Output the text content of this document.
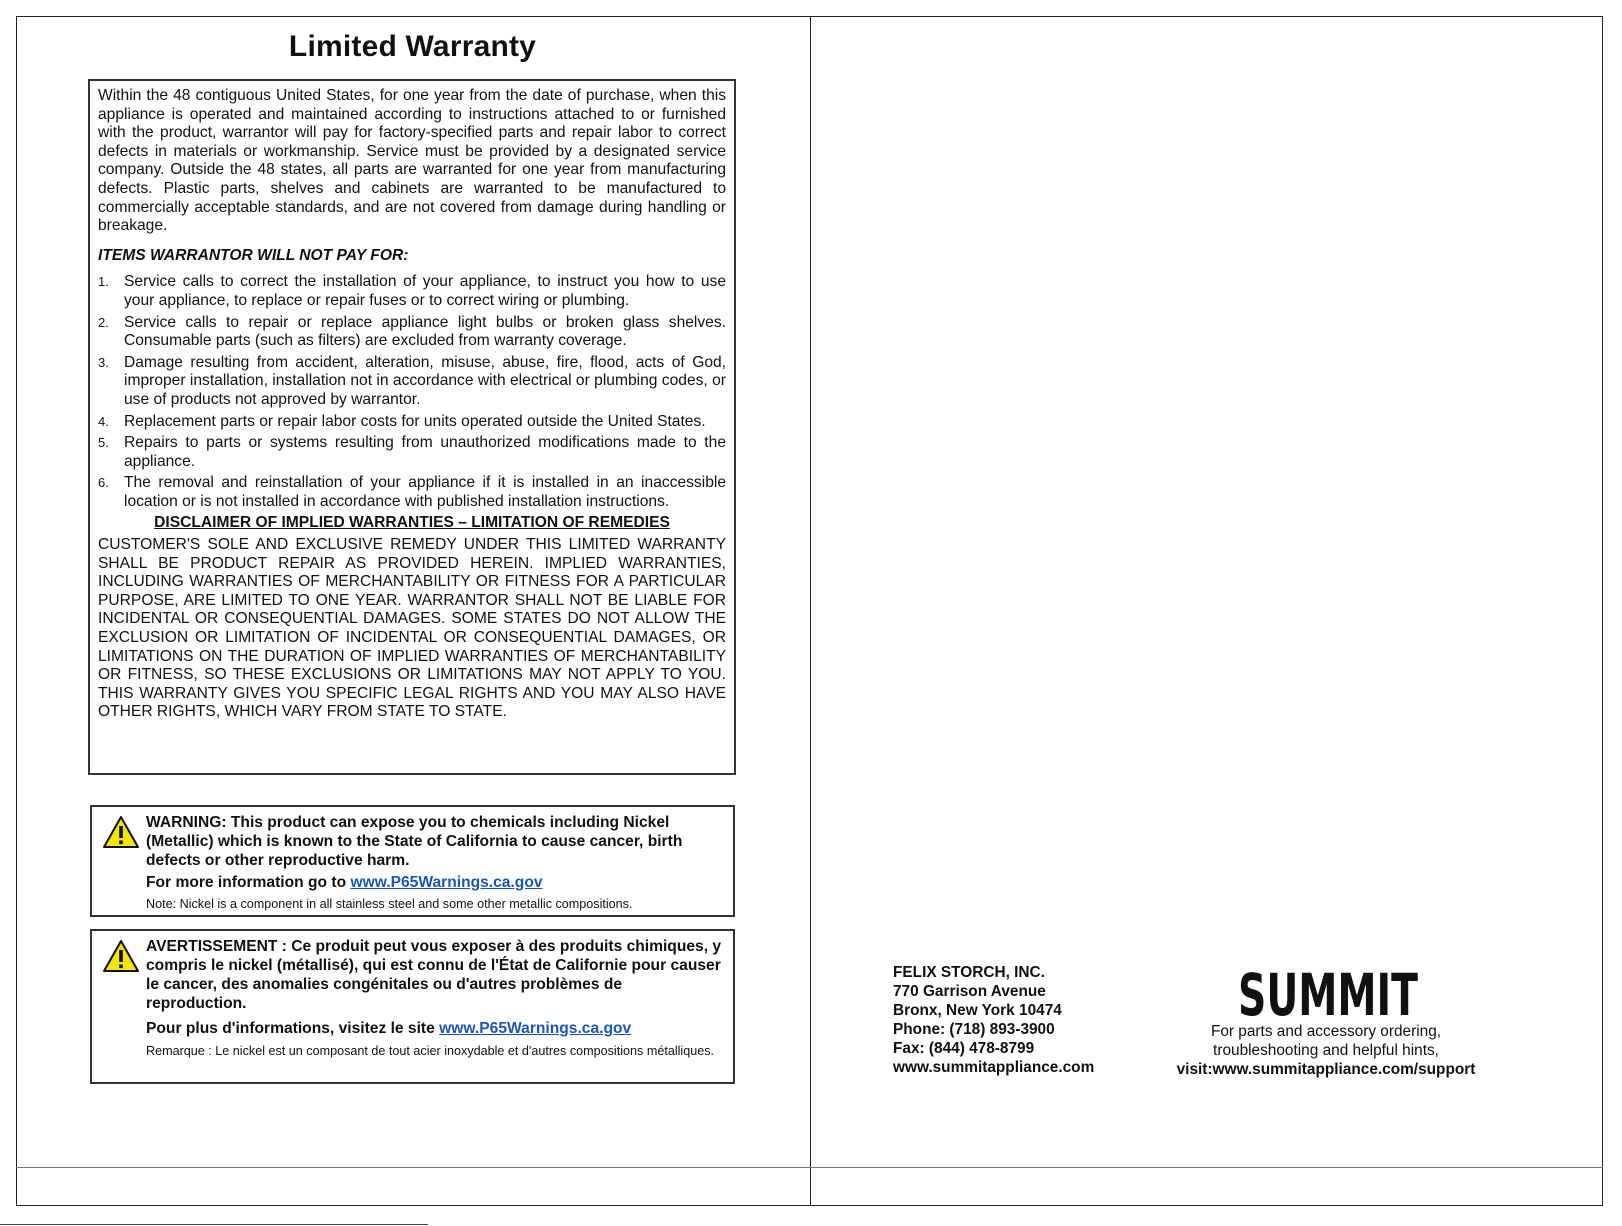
Limited Warranty

Within the 48 contiguous United States, for one year from the date of purchase, when this appliance is operated and maintained according to instructions attached to or furnished with the product, warrantor will pay for factory-specified parts and repair labor to correct defects in materials or workmanship. Service must be provided by a designated service company. Outside the 48 states, all parts are warranted for one year from manufacturing defects. Plastic parts, shelves and cabinets are warranted to be manufactured to commercially acceptable standards, and are not covered from damage during handling or breakage.

ITEMS WARRANTOR WILL NOT PAY FOR:

1. Service calls to correct the installation of your appliance, to instruct you how to use your appliance, to replace or repair fuses or to correct wiring or plumbing.
2. Service calls to repair or replace appliance light bulbs or broken glass shelves. Consumable parts (such as filters) are excluded from warranty coverage.
3. Damage resulting from accident, alteration, misuse, abuse, fire, flood, acts of God, improper installation, installation not in accordance with electrical or plumbing codes, or use of products not approved by warrantor.
4. Replacement parts or repair labor costs for units operated outside the United States.
5. Repairs to parts or systems resulting from unauthorized modifications made to the appliance.
6. The removal and reinstallation of your appliance if it is installed in an inaccessible location or is not installed in accordance with published installation instructions.

DISCLAIMER OF IMPLIED WARRANTIES – LIMITATION OF REMEDIES

CUSTOMER'S SOLE AND EXCLUSIVE REMEDY UNDER THIS LIMITED WARRANTY SHALL BE PRODUCT REPAIR AS PROVIDED HEREIN. IMPLIED WARRANTIES, INCLUDING WARRANTIES OF MERCHANTABILITY OR FITNESS FOR A PARTICULAR PURPOSE, ARE LIMITED TO ONE YEAR. WARRANTOR SHALL NOT BE LIABLE FOR INCIDENTAL OR CONSEQUENTIAL DAMAGES. SOME STATES DO NOT ALLOW THE EXCLUSION OR LIMITATION OF INCIDENTAL OR CONSEQUENTIAL DAMAGES, OR LIMITATIONS ON THE DURATION OF IMPLIED WARRANTIES OF MERCHANTABILITY OR FITNESS, SO THESE EXCLUSIONS OR LIMITATIONS MAY NOT APPLY TO YOU. THIS WARRANTY GIVES YOU SPECIFIC LEGAL RIGHTS AND YOU MAY ALSO HAVE OTHER RIGHTS, WHICH VARY FROM STATE TO STATE.

WARNING: This product can expose you to chemicals including Nickel (Metallic) which is known to the State of California to cause cancer, birth defects or other reproductive harm.

For more information go to www.P65Warnings.ca.gov

Note: Nickel is a component in all stainless steel and some other metallic compositions.

AVERTISSEMENT : Ce produit peut vous exposer à des produits chimiques, y compris le nickel (métallisé), qui est connu de l'État de Californie pour causer le cancer, des anomalies congénitales ou d'autres problèmes de reproduction.

Pour plus d'informations, visitez le site www.P65Warnings.ca.gov

Remarque : Le nickel est un composant de tout acier inoxydable et d'autres compositions métalliques.

FELIX STORCH, INC.
770 Garrison Avenue
Bronx, New York 10474
Phone: (718) 893-3900
Fax: (844) 478-8799
www.summitappliance.com
SUMMIT
For parts and accessory ordering,
troubleshooting and helpful hints,
visit:www.summitappliance.com/support
